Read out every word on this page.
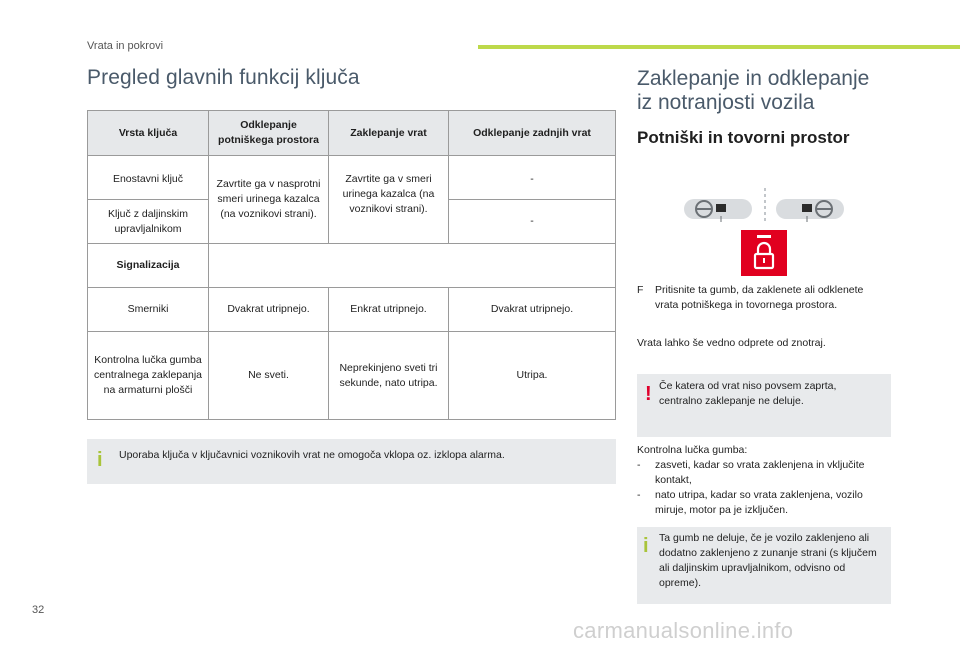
Vrata in pokrovi
Pregled glavnih funkcij ključa
Vrsta ključa	Odklepanje potniškega prostora	Zaklepanje vrat	Odklepanje zadnjih vrat
Enostavni ključ	Zavrtite ga v nasprotni smeri urinega kazalca (na voznikovi strani).	Zavrtite ga v smeri urinega kazalca (na voznikovi strani).	-
Ključ z daljinskim upravljalnikom			-
Signalizacija			
Smerniki	Dvakrat utripnejo.	Enkrat utripnejo.	Dvakrat utripnejo.
Kontrolna lučka gumba centralnega zaklepanja na armaturni plošči	Ne sveti.	Neprekinjeno sveti tri sekunde, nato utripa.	Utripa.
i Uporaba ključa v ključavnici voznikovih vrat ne omogoča vklopa oz. izklopa alarma.
Zaklepanje in odklepanje
iz notranjosti vozila
Potniški in tovorni prostor
F	Pritisnite ta gumb, da zaklenete ali odklenete vrata potniškega in tovornega prostora.
Vrata lahko še vedno odprete od znotraj.
! Če katera od vrat niso povsem zaprta, centralno zaklepanje ne deluje.
Kontrolna lučka gumba:
- zasveti, kadar so vrata zaklenjena in vključite kontakt,
- nato utripa, kadar so vrata zaklenjena, vozilo miruje, motor pa je izključen.
i Ta gumb ne deluje, če je vozilo zaklenjeno ali dodatno zaklenjeno z zunanje strani (s ključem ali daljinskim upravljalnikom, odvisno od opreme).
32
carmanualsonline.info
